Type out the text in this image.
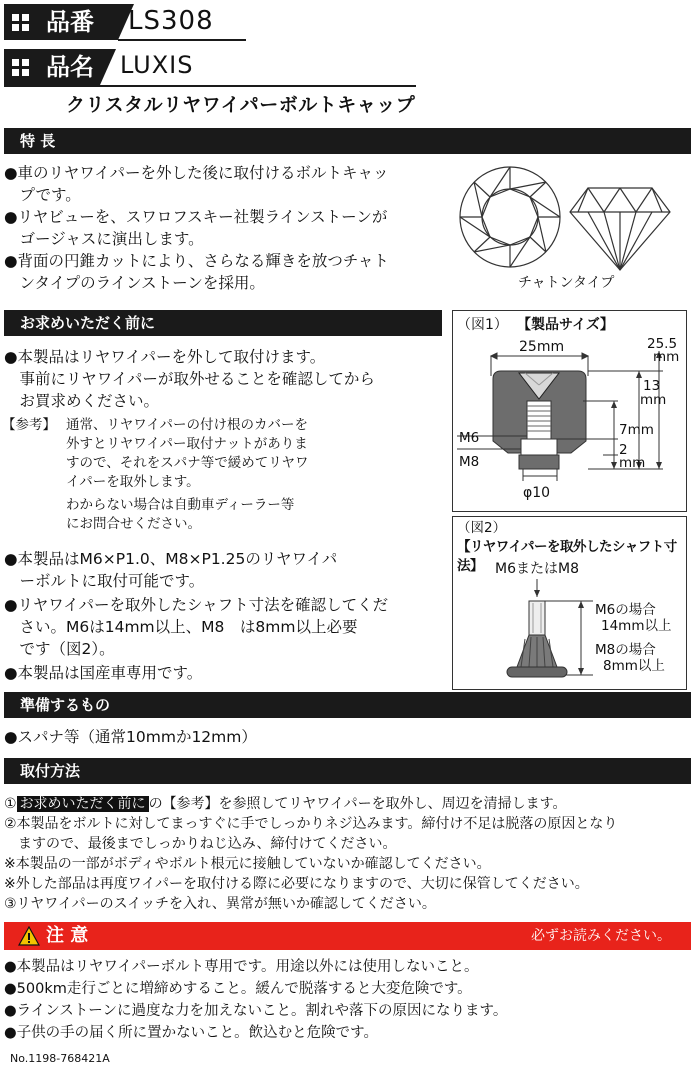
品番	LS308
品名 LUXIS
クリスタルリヤワイパーボルトキャップ
特 長
●車のリヤワイパーを外した後に取付けるボルトキャッ
　プです。
●リヤビューを、スワロフスキー社製ラインストーンが
　ゴージャスに演出します。
●背面の円錐カットにより、さらなる輝きを放つチャト
　ンタイプのラインストーンを採用。	チャトンタイプ
お求めいただく前に
●本製品はリヤワイパーを外して取付けます。
　事前にリヤワイパーが取外せることを確認してから
　お買求めください。
【参考】 通常、リヤワイパーの付け根のカバーを
外すとリヤワイパー取付ナットがありま
すので、それをスパナ等で緩めてリヤワ
イパーを取外します。
わからない場合は自動車ディーラー等
にお問合せください。
●本製品はM6×P1.0、M8×P1.25のリヤワイパ
　ーボルトに取付可能です。
●リヤワイパーを取外したシャフト寸法を確認してくだ
　さい。M6は14mm以上、M8　は8mm以上必要
　です（図2）。
●本製品は国産車専用です。
（図1） 【製品サイズ】
25mm	25.5
mm
13
mm
7mm
2
mm
M6
M8
φ10
（図2）
【リヤワイパーを取外したシャフト寸法】 M6またはM8
M6の場合
14mm以上
M8の場合
8mm以上
準備するもの
●スパナ等（通常10mmか12mm）
取付方法
① お求めいただく前に の【参考】を参照してリヤワイパーを取外し、周辺を清掃します。
②本製品をボルトに対してまっすぐに手でしっかりネジ込みます。締付け不足は脱落の原因となり
　ますので、最後までしっかりねじ込み、締付けてください。
※本製品の一部がボディやボルト根元に接触していないか確認してください。
※外した部品は再度ワイパーを取付ける際に必要になりますので、大切に保管してください。
③リヤワイパーのスイッチを入れ、異常が無いか確認してください。
注 意	必ずお読みください。
●本製品はリヤワイパーボルト専用です。用途以外には使用しないこと。
●500km走行ごとに増締めすること。緩んで脱落すると大変危険です。
●ラインストーンに過度な力を加えないこと。割れや落下の原因になります。
●子供の手の届く所に置かないこと。飲込むと危険です。
No.1198-768421A
